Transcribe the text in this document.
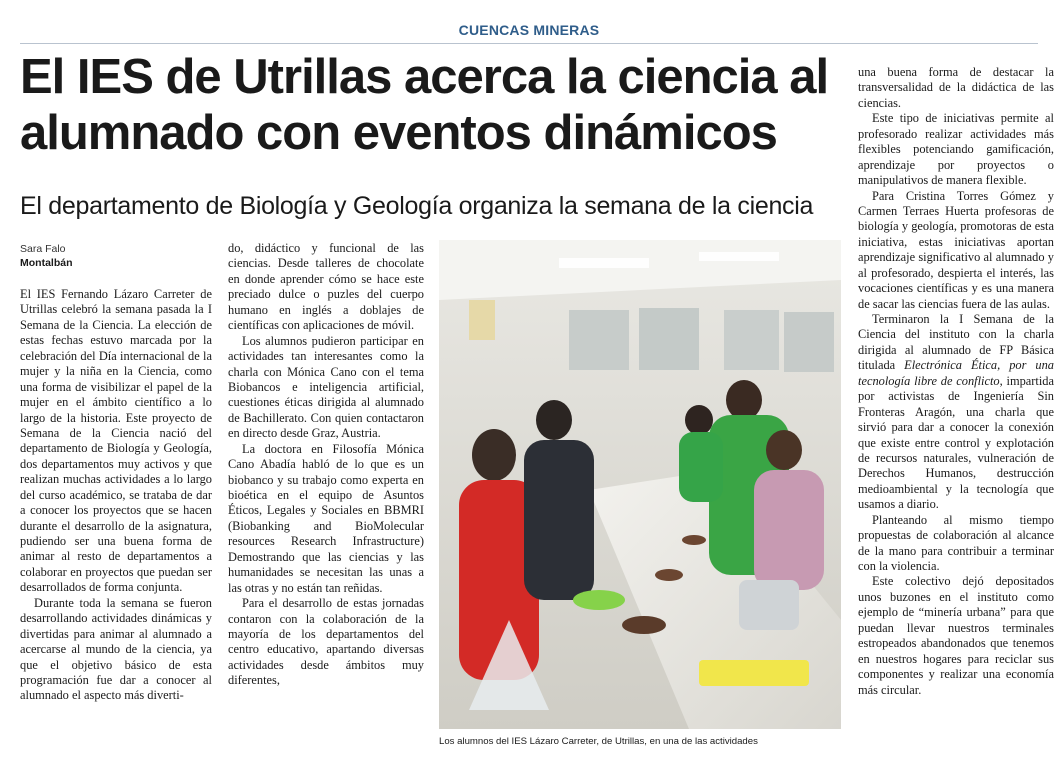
CUENCAS MINERAS
El IES de Utrillas acerca la ciencia al alumnado con eventos dinámicos
El departamento de Biología y Geología organiza la semana de la ciencia
Sara Falo
Montalbán

El IES Fernando Lázaro Carreter de Utrillas celebró la semana pasada la I Semana de la Ciencia. La elección de estas fechas estuvo marcada por la celebración del Día internacional de la mujer y la niña en la Ciencia, como una forma de visibilizar el papel de la mujer en el ámbito científico a lo largo de la historia. Este proyecto de Semana de la Ciencia nació del departamento de Biología y Geología, dos departamentos muy activos y que realizan muchas actividades a lo largo del curso académico, se trataba de dar a conocer los proyectos que se hacen durante el desarrollo de la asignatura, pudiendo ser una buena forma de animar al resto de departamentos a colaborar en proyectos que puedan ser desarrollados de forma conjunta.

Durante toda la semana se fueron desarrollando actividades dinámicas y divertidas para animar al alumnado a acercarse al mundo de la ciencia, ya que el objetivo básico de esta programación fue dar a conocer al alumnado el aspecto más diverti-

do, didáctico y funcional de las ciencias. Desde talleres de chocolate en donde aprender cómo se hace este preciado dulce o puzles del cuerpo humano en inglés a doblajes de científicas con aplicaciones de móvil.

Los alumnos pudieron participar en actividades tan interesantes como la charla con Mónica Cano con el tema Biobancos e inteligencia artificial, cuestiones éticas dirigida al alumnado de Bachillerato. Con quien contactaron en directo desde Graz, Austria.

La doctora en Filosofía Mónica Cano Abadía habló de lo que es un biobanco y su trabajo como experta en bioética en el equipo de Asuntos Éticos, Legales y Sociales en BBMRI (Biobanking and BioMolecular resources Research Infrastructure) Demostrando que las ciencias y las humanidades se necesitan las unas a las otras y no están tan reñidas.

Para el desarrollo de estas jornadas contaron con la colaboración de la mayoría de los departamentos del centro educativo, apartando diversas actividades desde ámbitos muy diferentes,

Los alumnos del IES Lázaro Carreter, de Utrillas, en una de las actividades

una buena forma de destacar la transversalidad de la didáctica de las ciencias.

Este tipo de iniciativas permite al profesorado realizar actividades más flexibles potenciando gamificación, aprendizaje por proyectos o manipulativos de manera flexible.

Para Cristina Torres Gómez y Carmen Terraes Huerta profesoras de biología y geología, promotoras de esta iniciativa, estas iniciativas aportan aprendizaje significativo al alumnado y al profesorado, despierta el interés, las vocaciones científicas y es una manera de sacar las ciencias fuera de las aulas.

Terminaron la I Semana de la Ciencia del instituto con la charla dirigida al alumnado de FP Básica titulada Electrónica Ética, por una tecnología libre de conflicto, impartida por activistas de Ingeniería Sin Fronteras Aragón, una charla que sirvió para dar a conocer la conexión que existe entre control y explotación de recursos naturales, vulneración de Derechos Humanos, destrucción medioambiental y la tecnología que usamos a diario.

Planteando al mismo tiempo propuestas de colaboración al alcance de la mano para contribuir a terminar con la violencia.

Este colectivo dejó depositados unos buzones en el instituto como ejemplo de “minería urbana” para que puedan llevar nuestros terminales estropeados abandonados que tenemos en nuestros hogares para reciclar sus componentes y realizar una economía más circular.
